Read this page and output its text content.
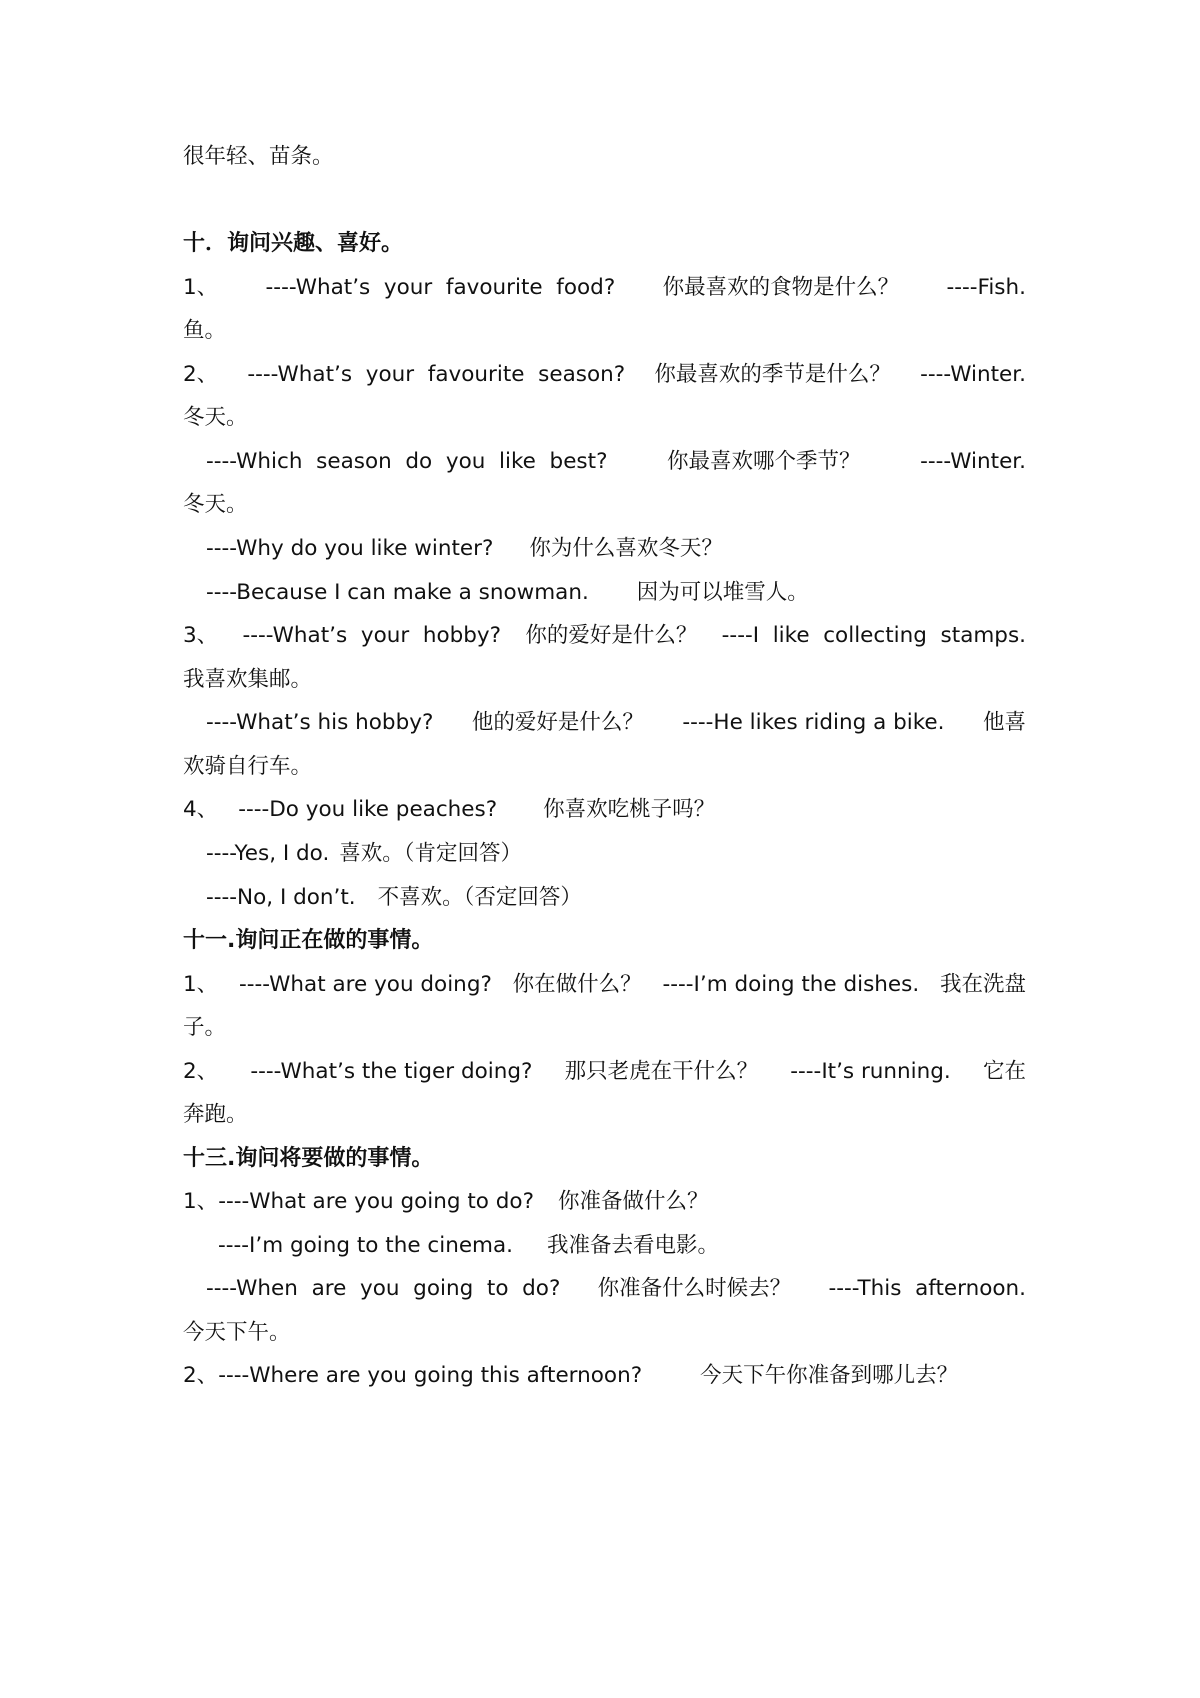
很年轻、苗条。
十．询问兴趣、喜好。
1、 ----What’s  your  favourite  food? 你最喜欢的食物是什么？ ----Fish.
鱼。
2、 ----What’s  your  favourite  season? 你最喜欢的季节是什么？ ----Winter.
冬天。
----Which  season  do  you  like  best?	你最喜欢哪个季节？	----Winter.
冬天。
----Why do you like winter? 你为什么喜欢冬天？
----Because I can make a snowman. 因为可以堆雪人。
3、 ----What’s  your  hobby? 你的爱好是什么？ ----I  like  collecting  stamps.
我喜欢集邮。
----What’s his hobby? 他的爱好是什么？ ----He likes riding a bike. 他喜
欢骑自行车。
4、 ----Do you like peaches? 你喜欢吃桃子吗？
----Yes, I do. 喜欢。（肯定回答）
----No, I don’t. 不喜欢。（否定回答）
十一.询问正在做的事情。
1、 ----What are you doing? 你在做什么？ ----I’m doing the dishes. 我在洗盘
子。
2、 ----What’s the tiger doing? 那只老虎在干什么？ ----It’s running. 它在
奔跑。
十三.询问将要做的事情。
1、----What are you going to do? 你准备做什么？
----I’m going to the cinema. 我准备去看电影。
----When  are  you  going  to  do? 你准备什么时候去？ ----This  afternoon.
今天下午。
2、----Where are you going this afternoon?	今天下午你准备到哪儿去？
